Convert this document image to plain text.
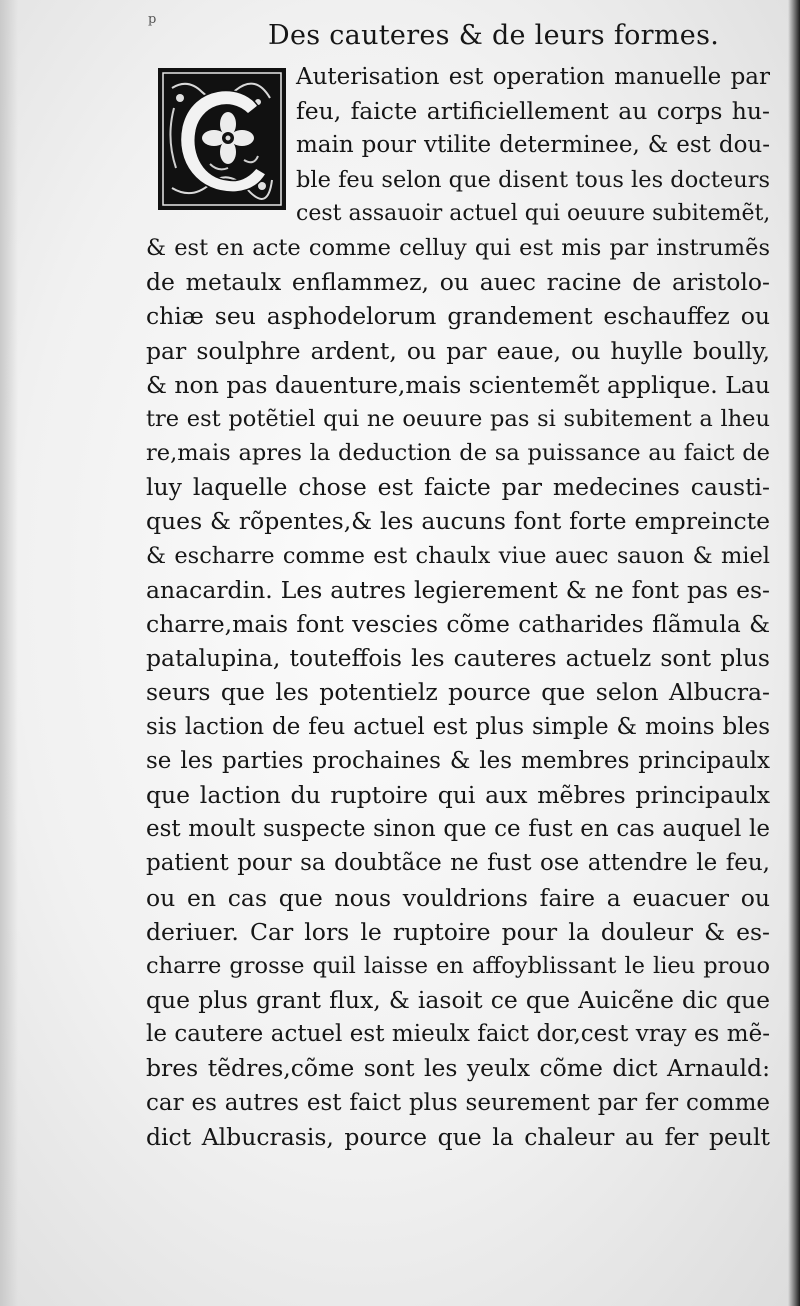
p
Des cauteres & de leurs formes.
Auterisation est operation manuelle par
feu, faicte artificiellement au corps hu-
main pour vtilite determinee, & est dou-
ble feu selon que disent tous les docteurs
cest assauoir actuel qui oeuure subitemẽt,
& est en acte comme celluy qui est mis par instrumẽs
de metaulx enflammez, ou auec racine de aristolo-
chiæ seu asphodelorum grandement eschauffez ou
par soulphre ardent, ou par eaue, ou huylle boully,
& non pas dauenture,mais scientemẽt applique. Lau
tre est potẽtiel qui ne oeuure pas si subitement a lheu
re,mais apres la deduction de sa puissance au faict de
luy laquelle chose est faicte par medecines causti-
ques & rõpentes,& les aucuns font forte empreincte
& escharre comme est chaulx viue auec sauon & miel
anacardin. Les autres legierement & ne font pas es-
charre,mais font vescies cõme catharides flãmula &
patalupina, touteffois les cauteres actuelz sont plus
seurs que les potentielz pource que selon Albucra-
sis laction de feu actuel est plus simple & moins bles
se les parties prochaines & les membres principaulx
que laction du ruptoire qui aux mẽbres principaulx
est moult suspecte sinon que ce fust en cas auquel le
patient pour sa doubtãce ne fust ose attendre le feu,
ou en cas que nous vouldrions faire a euacuer ou
deriuer. Car lors le ruptoire pour la douleur & es-
charre grosse quil laisse en affoyblissant le lieu prouo
que plus grant flux, & iasoit ce que Auicẽne dic que
le cautere actuel est mieulx faict dor,cest vray es mẽ-
bres tẽdres,cõme sont les yeulx cõme dict Arnauld:
car es autres est faict plus seurement par fer comme
dict Albucrasis, pource que la chaleur au fer peult
